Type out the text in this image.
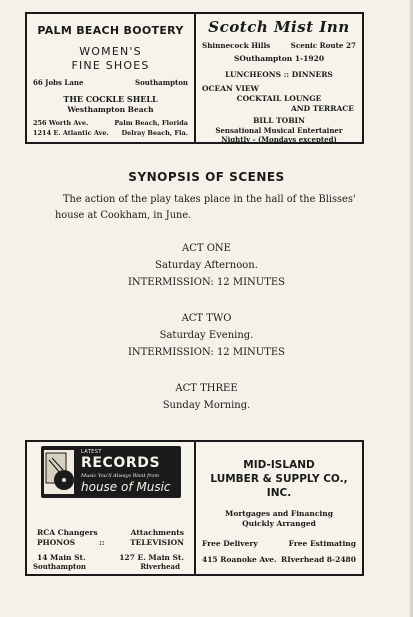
PALM BEACH BOOTERY
WOMEN'S
FINE SHOES
66 Jobs Lane	Southampton
THE COCKLE SHELL
Westhampton Beach
256 Worth Ave.	Palm Beach, Florida
1214 E. Atlantic Ave. Delray Beach, Fla.
Scotch Mist Inn
Shinnecock Hills	Scenic Route 27
SOuthampton 1-1920
LUNCHEONS :: DINNERS
OCEAN VIEW
COCKTAIL LOUNGE
AND TERRACE
BILL TOBIN
Sensational Musical Entertainer
Nightly - (Mondays excepted)
SYNOPSIS OF SCENES
The action of the play takes place in the hall of the Blisses' house at Cookham, in June.
ACT ONE
Saturday Afternoon.
INTERMISSION: 12 MINUTES
ACT TWO
Saturday Evening.
INTERMISSION: 12 MINUTES
ACT THREE
Sunday Morning.
LATEST
RECORDS
Music You'll Always Want from
house of Music
RCA Changers
PHONOS	::
Attachments
TELEVISION
14 Main St.
Southampton
127 E. Main St.
Riverhead
MID-ISLAND
LUMBER & SUPPLY CO.,
INC.
Mortgages and Financing
Quickly Arranged
Free Delivery	Free Estimating
415 Roanoke Ave. RIverhead 8-2480
